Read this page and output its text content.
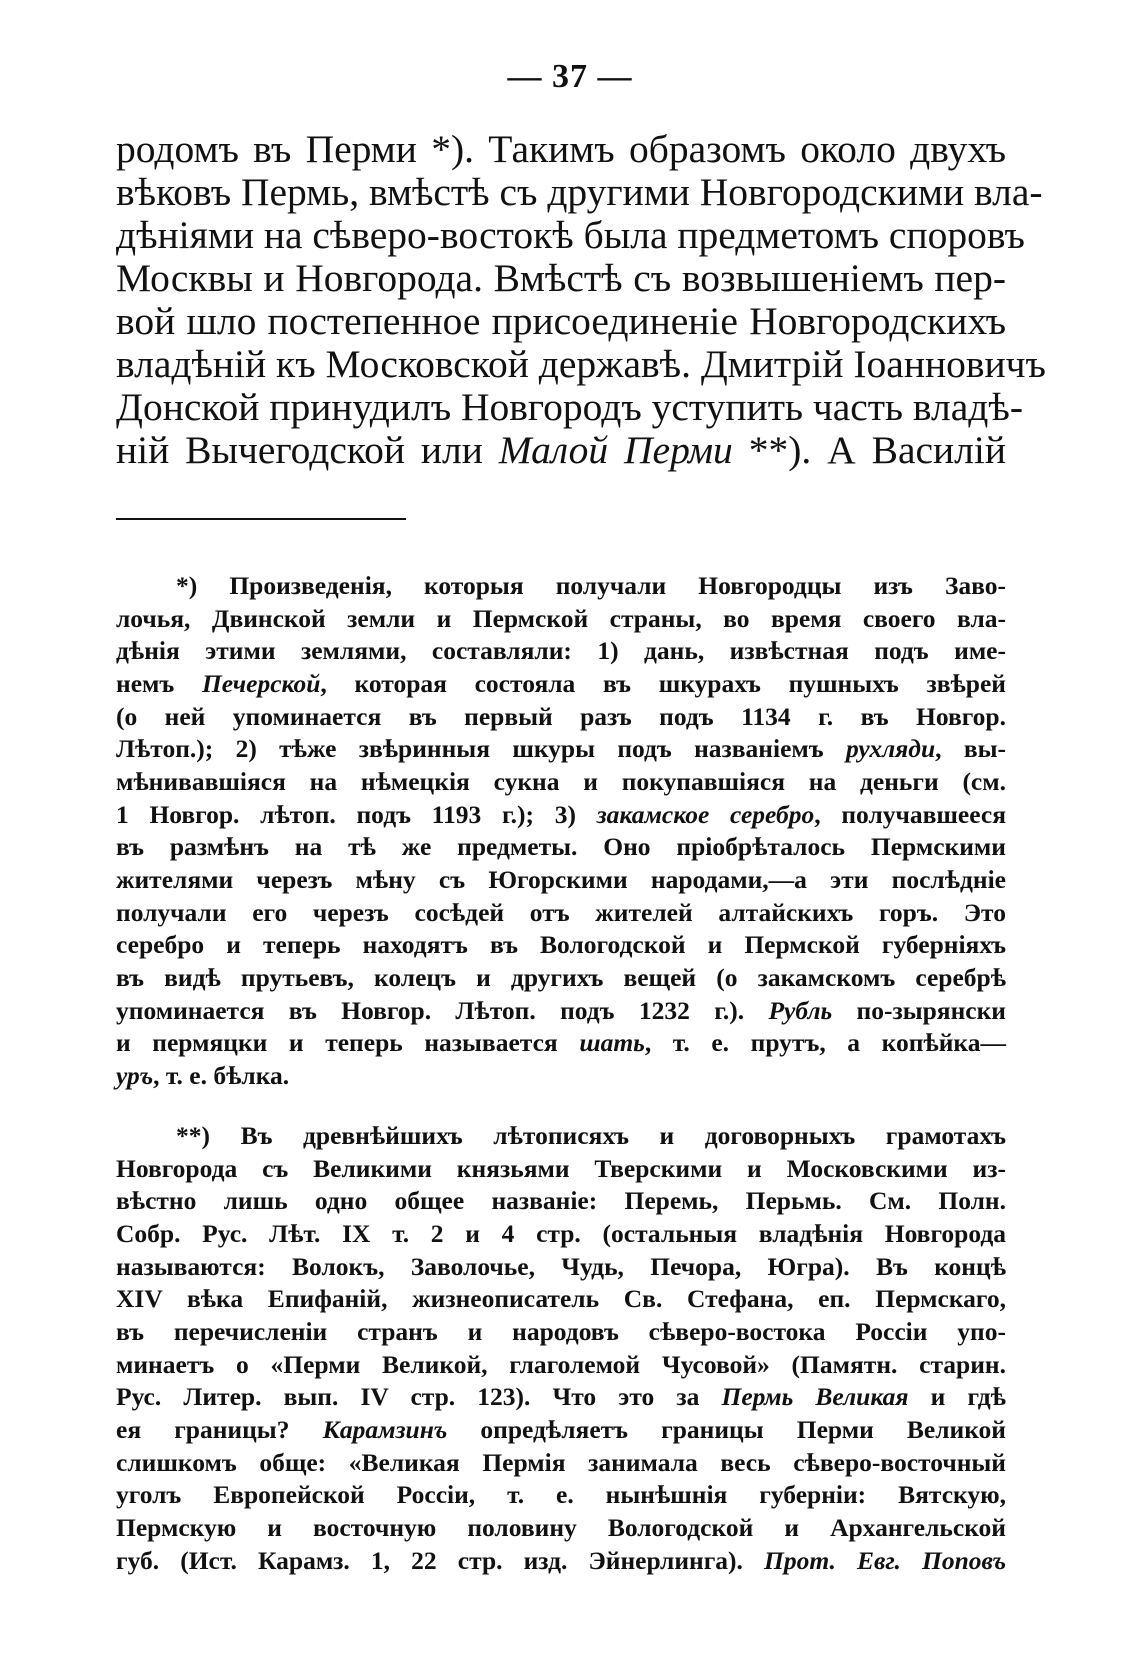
— 37 —
родомъ въ Перми *). Такимъ образомъ около двухъ
вѣковъ Пермь, вмѣстѣ съ другими Новгородскими вла-
дѣніями на сѣверо-востокѣ была предметомъ споровъ
Москвы и Новгорода. Вмѣстѣ съ возвышеніемъ пер-
вой шло постепенное присоединеніе Новгородскихъ
владѣній къ Московской державѣ. Дмитрій Іоанновичъ
Донской принудилъ Новгородъ уступить часть владѣ-
ній Вычегодской или Малой Перми **). А Василій
*) Произведенія, которыя получали Новгородцы изъ Заво-
лочья, Двинской земли и Пермской страны, во время своего вла-
дѣнія этими землями, составляли: 1) дань, извѣстная подъ име-
немъ Печерской, которая состояла въ шкурахъ пушныхъ звѣрей
(о ней упоминается въ первый разъ подъ 1134 г. въ Новгор.
Лѣтоп.); 2) тѣже звѣринныя шкуры подъ названіемъ рухляди, вы-
мѣнивавшіяся на нѣмецкія сукна и покупавшіяся на деньги (см.
1 Новгор. лѣтоп. подъ 1193 г.); 3) закамское серебро, получавшееся
въ размѣнъ на тѣ же предметы. Оно пріобрѣталось Пермскими
жителями черезъ мѣну съ Югорскими народами,—а эти послѣдніе
получали его черезъ сосѣдей отъ жителей алтайскихъ горъ. Это
серебро и теперь находятъ въ Вологодской и Пермской губерніяхъ
въ видѣ прутьевъ, колецъ и другихъ вещей (о закамскомъ серебрѣ
упоминается въ Новгор. Лѣтоп. подъ 1232 г.). Рубль по-зырянски
и пермяцки и теперь называется шать, т. е. прутъ, а копѣйка—
уръ, т. е. бѣлка.
**) Въ древнѣйшихъ лѣтописяхъ и договорныхъ грамотахъ
Новгорода съ Великими князьями Тверскими и Московскими из-
вѣстно лишь одно общее названіе: Перемь, Перьмь. См. Полн.
Собр. Рус. Лѣт. IX т. 2 и 4 стр. (остальныя владѣнія Новгорода
называются: Волокъ, Заволочье, Чудь, Печора, Югра). Въ концѣ
XIV вѣка Епифаній, жизнеописатель Св. Стефана, еп. Пермскаго,
въ перечисленіи странъ и народовъ сѣверо-востока Россіи упо-
минаетъ о «Перми Великой, глаголемой Чусовой» (Памятн. старин.
Рус. Литер. вып. IV стр. 123). Что это за Пермь Великая и гдѣ
ея границы? Карамзинъ опредѣляетъ границы Перми Великой
слишкомъ обще: «Великая Пермія занимала весь сѣверо-восточный
уголъ Европейской Россіи, т. е. нынѣшнія губерніи: Вятскую,
Пермскую и восточную половину Вологодской и Архангельской
губ. (Ист. Карамз. 1, 22 стр. изд. Эйнерлинга). Прот. Евг. Поповъ
